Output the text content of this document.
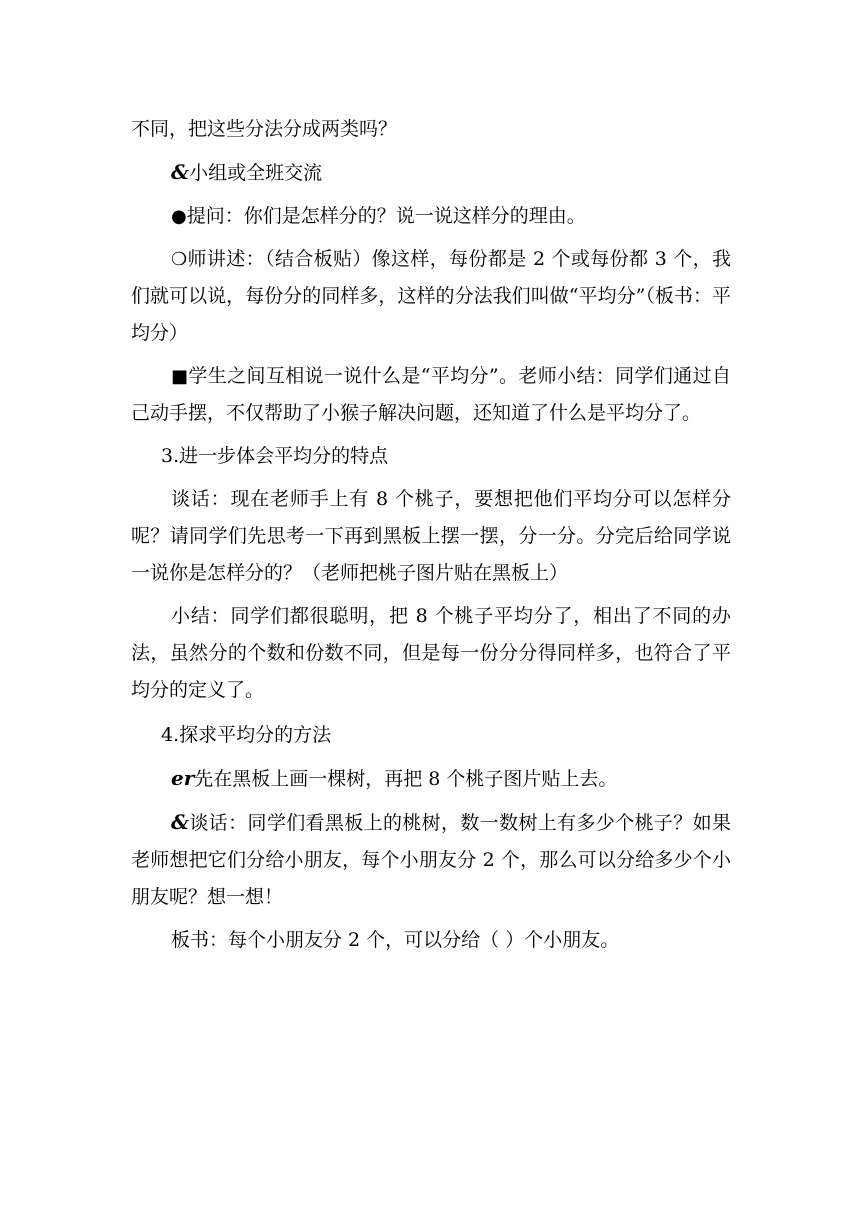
不同，把这些分法分成两类吗？

&小组或全班交流

●提问：你们是怎样分的？说一说这样分的理由。

❍师讲述：（结合板贴）像这样，每份都是 2 个或每份都 3 个，我们就可以说，每份分的同样多，这样的分法我们叫做“平均分”（板书：平均分）

■学生之间互相说一说什么是“平均分”。老师小结：同学们通过自己动手摆，不仅帮助了小猴子解决问题，还知道了什么是平均分了。

3.进一步体会平均分的特点

谈话：现在老师手上有 8 个桃子，要想把他们平均分可以怎样分呢？请同学们先思考一下再到黑板上摆一摆，分一分。分完后给同学说一说你是怎样分的？（老师把桃子图片贴在黑板上）

小结：同学们都很聪明，把 8 个桃子平均分了，相出了不同的办法，虽然分的个数和份数不同，但是每一份分分得同样多，也符合了平均分的定义了。

4.探求平均分的方法

er先在黑板上画一棵树，再把 8 个桃子图片贴上去。

&谈话：同学们看黑板上的桃树，数一数树上有多少个桃子？如果老师想把它们分给小朋友，每个小朋友分 2 个，那么可以分给多少个小朋友呢？想一想！

板书：每个小朋友分 2 个，可以分给（ ）个小朋友。
